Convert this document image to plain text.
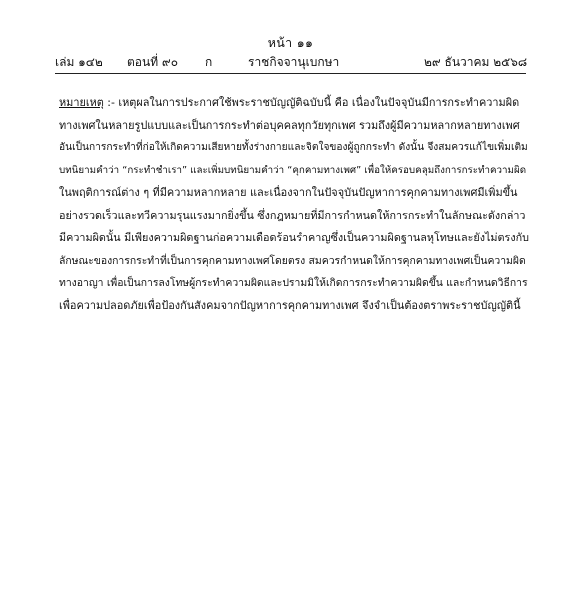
หน้า ๑๑
เล่ม ๑๔๒ ตอนที่ ๙๐ ก	ราชกิจจานุเบกษา	๒๙ ธันวาคม ๒๕๖๘
หมายเหตุ :- เหตุผลในการประกาศใช้พระราชบัญญัติฉบับนี้ คือ เนื่องในปัจจุบันมีการกระทำความผิด
ทางเพศในหลายรูปแบบและเป็นการกระทำต่อบุคคลทุกวัยทุกเพศ รวมถึงผู้มีความหลากหลายทางเพศ
อันเป็นการกระทำที่ก่อให้เกิดความเสียหายทั้งร่างกายและจิตใจของผู้ถูกกระทำ ดังนั้น จึงสมควรแก้ไขเพิ่มเติม
บทนิยามคำว่า “กระทำชำเรา” และเพิ่มบทนิยามคำว่า “คุกคามทางเพศ” เพื่อให้ครอบคลุมถึงการกระทำความผิด
ในพฤติการณ์ต่าง ๆ ที่มีความหลากหลาย และเนื่องจากในปัจจุบันปัญหาการคุกคามทางเพศมีเพิ่มขึ้น
อย่างรวดเร็วและทวีความรุนแรงมากยิ่งขึ้น ซึ่งกฎหมายที่มีการกำหนดให้การกระทำในลักษณะดังกล่าว
มีความผิดนั้น มีเพียงความผิดฐานก่อความเดือดร้อนรำคาญซึ่งเป็นความผิดฐานลหุโทษและยังไม่ตรงกับ
ลักษณะของการกระทำที่เป็นการคุกคามทางเพศโดยตรง สมควรกำหนดให้การคุกคามทางเพศเป็นความผิด
ทางอาญา เพื่อเป็นการลงโทษผู้กระทำความผิดและปรามมิให้เกิดการกระทำความผิดขึ้น และกำหนดวิธีการ
เพื่อความปลอดภัยเพื่อป้องกันสังคมจากปัญหาการคุกคามทางเพศ จึงจำเป็นต้องตราพระราชบัญญัตินี้
